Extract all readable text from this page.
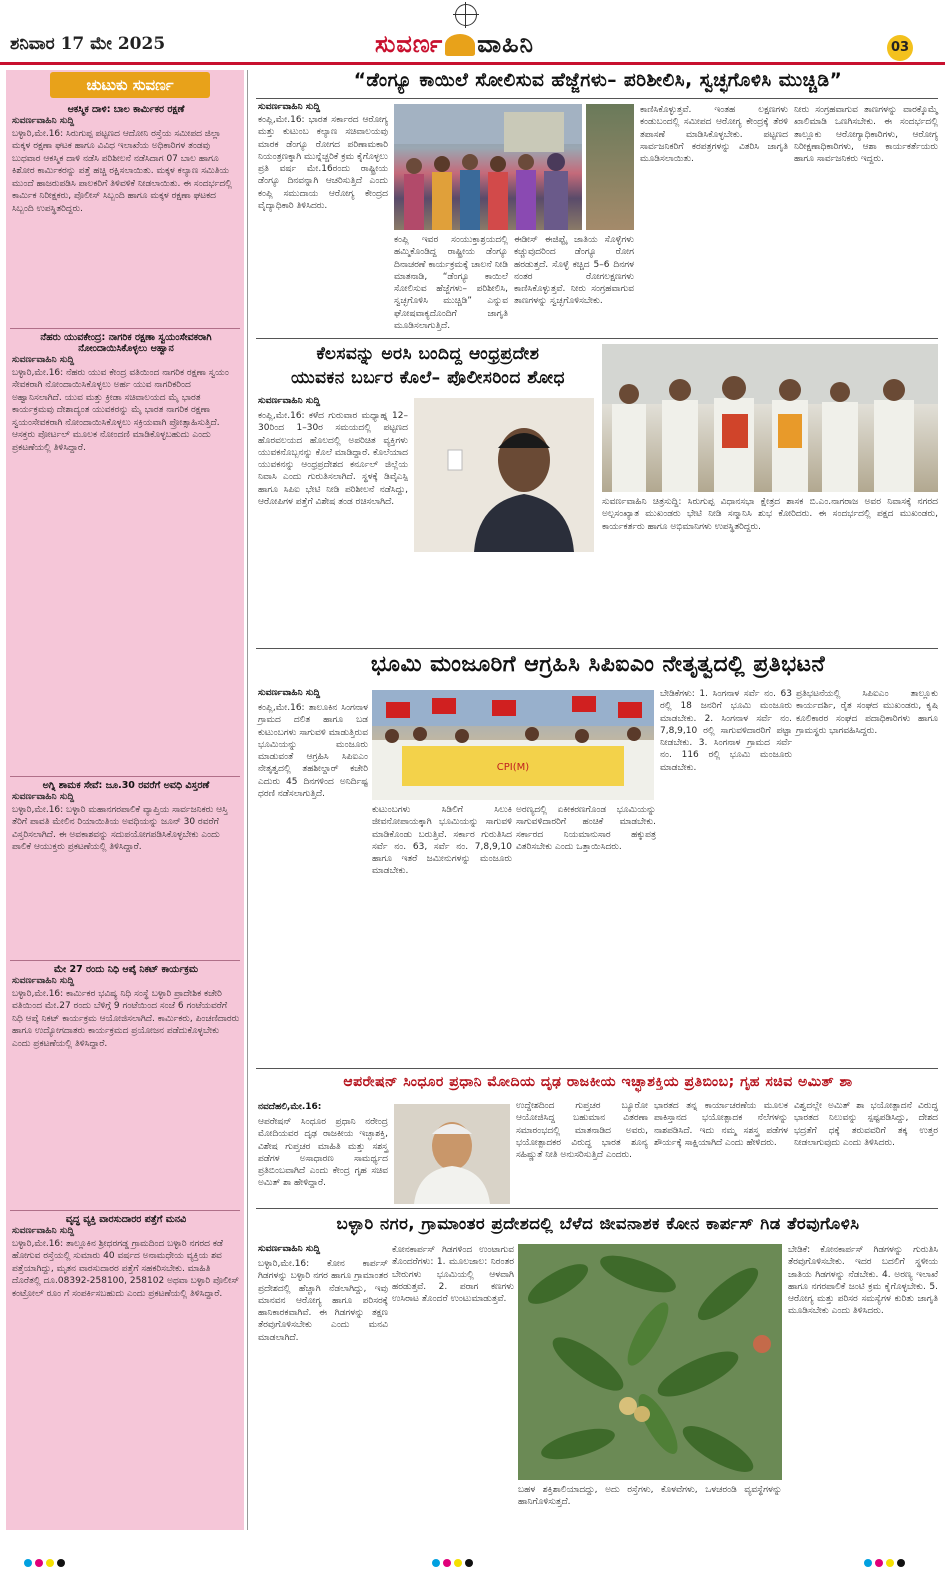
ಶನಿವಾರ 17 ಮೇ 2025	ಸುವರ್ಣ ವಾಹಿನಿ	03
ಚುಟುಕು ಸುವರ್ಣ
ಆಕಸ್ಮಿಕ ದಾಳಿ: ಬಾಲ ಕಾರ್ಮಿಕರ ರಕ್ಷಣೆ
ಸುವರ್ಣವಾಹಿನಿ ಸುದ್ದಿ
ಬಳ್ಳಾರಿ,ಮೇ.16: ಸಿರುಗುಪ್ಪ ಪಟ್ಟಣದ ಆದೋನಿ ರಸ್ತೆಯ ಸಮೀಪದ ಜಿಲ್ಲಾ ಮಕ್ಕಳ ರಕ್ಷಣಾ ಘಟಕ ಹಾಗೂ ವಿವಿಧ ಇಲಾಖೆಯ ಅಧಿಕಾರಿಗಳ ತಂಡವು ಬುಧವಾರ ಆಕಸ್ಮಿಕ ದಾಳಿ ನಡೆಸಿ ಪರಿಶೀಲನೆ ನಡೆಸಿದಾಗ 07 ಬಾಲ ಹಾಗೂ ಕಿಶೋರ ಕಾರ್ಮಿಕರನ್ನು ಪತ್ತೆ ಹಚ್ಚಿ ರಕ್ಷಿಸಲಾಯಿತು. ಮಕ್ಕಳ ಕಲ್ಯಾಣ ಸಮಿತಿಯ ಮುಂದೆ ಹಾಜರುಪಡಿಸಿ ಪಾಲಕರಿಗೆ ತಿಳಿವಳಿಕೆ ನೀಡಲಾಯಿತು. ಈ ಸಂದರ್ಭದಲ್ಲಿ ಕಾರ್ಮಿಕ ನಿರೀಕ್ಷಕರು, ಪೊಲೀಸ್ ಸಿಬ್ಬಂದಿ ಹಾಗೂ ಮಕ್ಕಳ ರಕ್ಷಣಾ ಘಟಕದ ಸಿಬ್ಬಂದಿ ಉಪಸ್ಥಿತರಿದ್ದರು.
ನೆಹರು ಯುವಕೇಂದ್ರ: ನಾಗರಿಕ ರಕ್ಷಣಾ ಸ್ವಯಂಸೇವಕರಾಗಿ ನೋಂದಾಯಿಸಿಕೊಳ್ಳಲು ಆಹ್ವಾನ
ಸುವರ್ಣವಾಹಿನಿ ಸುದ್ದಿ
ಬಳ್ಳಾರಿ,ಮೇ.16: ನೆಹರು ಯುವ ಕೇಂದ್ರ ವತಿಯಿಂದ ನಾಗರಿಕ ರಕ್ಷಣಾ ಸ್ವಯಂ ಸೇವಕರಾಗಿ ನೋಂದಾಯಿಸಿಕೊಳ್ಳಲು ಅರ್ಹ ಯುವ ನಾಗರಿಕರಿಂದ ಅಹ್ವಾನಿಸಲಾಗಿದೆ. ಯುವ ಮತ್ತು ಕ್ರೀಡಾ ಸಚಿವಾಲಯದ ಮೈ ಭಾರತ ಕಾರ್ಯಕ್ರಮವು ದೇಶಾದ್ಯಂತ ಯುವಕರನ್ನು ಮೈ ಭಾರತ ನಾಗರಿಕ ರಕ್ಷಣಾ ಸ್ವಯಂಸೇವಕರಾಗಿ ನೋಂದಾಯಿಸಿಕೊಳ್ಳಲು ಸಕ್ರಿಯವಾಗಿ ಪ್ರೋತ್ಸಾಹಿಸುತ್ತಿದೆ. ಆಸಕ್ತರು ಪೋರ್ಟಲ್ ಮೂಲಕ ನೋಂದಣಿ ಮಾಡಿಕೊಳ್ಳಬಹುದು ಎಂದು ಪ್ರಕಟಣೆಯಲ್ಲಿ ತಿಳಿಸಿದ್ದಾರೆ.
ಅಗ್ನಿ ಶಾಮಕ ಸೇವೆ: ಜೂ.30 ರವರೆಗೆ ಅವಧಿ ವಿಸ್ತರಣೆ
ಸುವರ್ಣವಾಹಿನಿ ಸುದ್ದಿ
ಬಳ್ಳಾರಿ,ಮೇ.16: ಬಳ್ಳಾರಿ ಮಹಾನಗರಪಾಲಿಕೆ ವ್ಯಾಪ್ತಿಯ ಸಾರ್ವಜನಿಕರು ಆಸ್ತಿ ತೆರಿಗೆ ಪಾವತಿ ಮೇಲಿನ ರಿಯಾಯಿತಿಯ ಅವಧಿಯನ್ನು ಜೂನ್ 30 ರವರೆಗೆ ವಿಸ್ತರಿಸಲಾಗಿದೆ. ಈ ಅವಕಾಶವನ್ನು ಸದುಪಯೋಗಪಡಿಸಿಕೊಳ್ಳಬೇಕು ಎಂದು ಪಾಲಿಕೆ ಆಯುಕ್ತರು ಪ್ರಕಟಣೆಯಲ್ಲಿ ತಿಳಿಸಿದ್ದಾರೆ.
ಮೇ 27 ರಂದು ನಿಧಿ ಆಪ್ಕೆ ನಿಕಟ್ ಕಾರ್ಯಕ್ರಮ
ಸುವರ್ಣವಾಹಿನಿ ಸುದ್ದಿ
ಬಳ್ಳಾರಿ,ಮೇ.16: ಕಾರ್ಮಿಕರ ಭವಿಷ್ಯ ನಿಧಿ ಸಂಸ್ಥೆ ಬಳ್ಳಾರಿ ಪ್ರಾದೇಶಿಕ ಕಚೇರಿ ವತಿಯಿಂದ ಮೇ.27 ರಂದು ಬೆಳಿಗ್ಗೆ 9 ಗಂಟೆಯಿಂದ ಸಂಜೆ 6 ಗಂಟೆಯವರೆಗೆ ನಿಧಿ ಆಪ್ಕೆ ನಿಕಟ್ ಕಾರ್ಯಕ್ರಮ ಆಯೋಜಿಸಲಾಗಿದೆ. ಕಾರ್ಮಿಕರು, ಪಿಂಚಣಿದಾರರು ಹಾಗೂ ಉದ್ಯೋಗದಾತರು ಕಾರ್ಯಕ್ರಮದ ಪ್ರಯೋಜನ ಪಡೆದುಕೊಳ್ಳಬೇಕು ಎಂದು ಪ್ರಕಟಣೆಯಲ್ಲಿ ತಿಳಿಸಿದ್ದಾರೆ.
ವೃದ್ಧ ವ್ಯಕ್ತಿ ವಾರಸುದಾರರ ಪತ್ತೆಗೆ ಮನವಿ
ಸುವರ್ಣವಾಹಿನಿ ಸುದ್ದಿ
ಬಳ್ಳಾರಿ,ಮೇ.16: ತಾಲ್ಲೂಕಿನ ಶ್ರೀಧರಗಡ್ಡ ಗ್ರಾಮದಿಂದ ಬಳ್ಳಾರಿ ನಗರದ ಕಡೆ ಹೋಗುವ ರಸ್ತೆಯಲ್ಲಿ ಸುಮಾರು 40 ವರ್ಷದ ಅನಾಮಧೇಯ ವ್ಯಕ್ತಿಯ ಶವ ಪತ್ತೆಯಾಗಿದ್ದು, ಮೃತನ ವಾರಸುದಾರರ ಪತ್ತೆಗೆ ಸಹಕರಿಸಬೇಕು. ಮಾಹಿತಿ ದೊರೆತಲ್ಲಿ ದೂ.08392-258100, 258102 ಅಥವಾ ಬಳ್ಳಾರಿ ಪೊಲೀಸ್ ಕಂಟ್ರೋಲ್ ರೂಂ ಗೆ ಸಂಪರ್ಕಿಸಬಹುದು ಎಂದು ಪ್ರಕಟಣೆಯಲ್ಲಿ ತಿಳಿಸಿದ್ದಾರೆ.
“ಡೆಂಗ್ಯೂ ಕಾಯಿಲೆ ಸೋಲಿಸುವ ಹೆಜ್ಜೆಗಳು– ಪರಿಶೀಲಿಸಿ, ಸ್ವಚ್ಛಗೊಳಿಸಿ ಮುಚ್ಚಿಡಿ”
ಸುವರ್ಣವಾಹಿನಿ ಸುದ್ದಿ
ಕಂಪ್ಲಿ,ಮೇ.16: ಭಾರತ ಸರ್ಕಾರದ ಆರೋಗ್ಯ ಮತ್ತು ಕುಟುಂಬ ಕಲ್ಯಾಣ ಸಚಿವಾಲಯವು ಮಾರಕ ಡೆಂಗ್ಯೂ ರೋಗದ ಪರಿಣಾಮಕಾರಿ ನಿಯಂತ್ರಣಕ್ಕಾಗಿ ಮುನ್ನೆಚ್ಚರಿಕೆ ಕ್ರಮ ಕೈಗೊಳ್ಳಲು ಪ್ರತಿ ವರ್ಷ ಮೇ.16ರಂದು ರಾಷ್ಟ್ರೀಯ ಡೆಂಗ್ಯೂ ದಿನವನ್ನಾಗಿ ಆಚರಿಸುತ್ತಿದೆ ಎಂದು ಕಂಪ್ಲಿ ಸಮುದಾಯ ಆರೋಗ್ಯ ಕೇಂದ್ರದ ವೈದ್ಯಾಧಿಕಾರಿ ತಿಳಿಸಿದರು.
ಕಂಪ್ಲಿ ಇವರ ಸಂಯುಕ್ತಾಶ್ರಯದಲ್ಲಿ ಹಮ್ಮಿಕೊಂಡಿದ್ದ ರಾಷ್ಟ್ರೀಯ ಡೆಂಗ್ಯೂ ದಿನಾಚರಣೆ ಕಾರ್ಯಕ್ರಮಕ್ಕೆ ಚಾಲನೆ ನೀಡಿ ಮಾತನಾಡಿ, “ಡೆಂಗ್ಯೂ ಕಾಯಿಲೆ ಸೋಲಿಸುವ ಹೆಜ್ಜೆಗಳು– ಪರಿಶೀಲಿಸಿ, ಸ್ವಚ್ಛಗೊಳಿಸಿ ಮುಚ್ಚಿಡಿ” ಎನ್ನುವ ಘೋಷವಾಕ್ಯದೊಂದಿಗೆ ಜಾಗೃತಿ ಮೂಡಿಸಲಾಗುತ್ತಿದೆ.
ಈಡೀಸ್ ಈಜಿಪ್ಟೈ ಜಾತಿಯ ಸೊಳ್ಳೆಗಳು ಕಚ್ಚುವುದರಿಂದ ಡೆಂಗ್ಯೂ ರೋಗ ಹರಡುತ್ತದೆ. ಸೊಳ್ಳೆ ಕಚ್ಚಿದ 5–6 ದಿನಗಳ ನಂತರ ರೋಗಲಕ್ಷಣಗಳು ಕಾಣಿಸಿಕೊಳ್ಳುತ್ತವೆ. ನೀರು ಸಂಗ್ರಹವಾಗುವ ತಾಣಗಳನ್ನು ಸ್ವಚ್ಛಗೊಳಿಸಬೇಕು.
ಕಾಣಿಸಿಕೊಳ್ಳುತ್ತವೆ. ಇಂತಹ ಲಕ್ಷಣಗಳು ಕಂಡುಬಂದಲ್ಲಿ ಸಮೀಪದ ಆರೋಗ್ಯ ಕೇಂದ್ರಕ್ಕೆ ತೆರಳಿ ತಪಾಸಣೆ ಮಾಡಿಸಿಕೊಳ್ಳಬೇಕು. ಪಟ್ಟಣದ ಸಾರ್ವಜನಿಕರಿಗೆ ಕರಪತ್ರಗಳನ್ನು ವಿತರಿಸಿ ಜಾಗೃತಿ ಮೂಡಿಸಲಾಯಿತು.
ನೀರು ಸಂಗ್ರಹವಾಗುವ ತಾಣಗಳನ್ನು ವಾರಕ್ಕೊಮ್ಮೆ ಖಾಲಿಮಾಡಿ ಒಣಗಿಸಬೇಕು. ಈ ಸಂದರ್ಭದಲ್ಲಿ ತಾಲ್ಲೂಕು ಆರೋಗ್ಯಾಧಿಕಾರಿಗಳು, ಆರೋಗ್ಯ ನಿರೀಕ್ಷಣಾಧಿಕಾರಿಗಳು, ಆಶಾ ಕಾರ್ಯಕರ್ತೆಯರು ಹಾಗೂ ಸಾರ್ವಜನಿಕರು ಇದ್ದರು.
ಕೆಲಸವನ್ನು ಅರಸಿ ಬಂದಿದ್ದ ಆಂಧ್ರಪ್ರದೇಶ
ಯುವಕನ ಬರ್ಬರ ಕೊಲೆ– ಪೊಲೀಸರಿಂದ ಶೋಧ
ಸುವರ್ಣವಾಹಿನಿ ಸುದ್ದಿ
ಕಂಪ್ಲಿ,ಮೇ.16: ಕಳೆದ ಗುರುವಾರ ಮಧ್ಯಾಹ್ನ 12–30ರಿಂದ 1–30ರ ಸಮಯದಲ್ಲಿ ಪಟ್ಟಣದ ಹೊರವಲಯದ ಹೊಲದಲ್ಲಿ ಅಪರಿಚಿತ ವ್ಯಕ್ತಿಗಳು ಯುವಕನೊಬ್ಬನನ್ನು ಕೊಲೆ ಮಾಡಿದ್ದಾರೆ. ಕೊಲೆಯಾದ ಯುವಕನನ್ನು ಆಂಧ್ರಪ್ರದೇಶದ ಕರ್ನೂಲ್ ಜಿಲ್ಲೆಯ ನಿವಾಸಿ ಎಂದು ಗುರುತಿಸಲಾಗಿದೆ. ಸ್ಥಳಕ್ಕೆ ಡಿವೈಎಸ್ಪಿ ಹಾಗೂ ಸಿಪಿಐ ಭೇಟಿ ನೀಡಿ ಪರಿಶೀಲನೆ ನಡೆಸಿದ್ದು, ಆರೋಪಿಗಳ ಪತ್ತೆಗೆ ವಿಶೇಷ ತಂಡ ರಚಿಸಲಾಗಿದೆ.	ಸುವರ್ಣವಾಹಿನಿ ಚಿತ್ರಸುದ್ದಿ: ಸಿರುಗುಪ್ಪ ವಿಧಾನಸಭಾ ಕ್ಷೇತ್ರದ ಶಾಸಕ ಬಿ.ಎಂ.ನಾಗರಾಜ ಅವರ ನಿವಾಸಕ್ಕೆ ನಗರದ ಅಲ್ಪಸಂಖ್ಯಾತ ಮುಖಂಡರು ಭೇಟಿ ನೀಡಿ ಸನ್ಮಾನಿಸಿ ಶುಭ ಕೋರಿದರು. ಈ ಸಂದರ್ಭದಲ್ಲಿ ಪಕ್ಷದ ಮುಖಂಡರು, ಕಾರ್ಯಕರ್ತರು ಹಾಗೂ ಅಭಿಮಾನಿಗಳು ಉಪಸ್ಥಿತರಿದ್ದರು.
ಭೂಮಿ ಮಂಜೂರಿಗೆ ಆಗ್ರಹಿಸಿ ಸಿಪಿಐಎಂ ನೇತೃತ್ವದಲ್ಲಿ ಪ್ರತಿಭಟನೆ
ಸುವರ್ಣವಾಹಿನಿ ಸುದ್ದಿ
ಕಂಪ್ಲಿ,ಮೇ.16: ತಾಲೂಕಿನ ಸಿಂಗನಾಳ ಗ್ರಾಮದ ದಲಿತ ಹಾಗೂ ಬಡ ಕುಟುಂಬಗಳು ಸಾಗುವಳಿ ಮಾಡುತ್ತಿರುವ ಭೂಮಿಯನ್ನು ಮಂಜೂರು ಮಾಡುವಂತೆ ಆಗ್ರಹಿಸಿ ಸಿಪಿಐಎಂ ನೇತೃತ್ವದಲ್ಲಿ ತಹಶೀಲ್ದಾರ್ ಕಚೇರಿ ಎದುರು 45 ದಿನಗಳಿಂದ ಅನಿರ್ದಿಷ್ಟ ಧರಣಿ ನಡೆಸಲಾಗುತ್ತಿದೆ.
CPI(M)
ಕುಟುಂಬಗಳು ಸಿಡಿಲಿಗೆ ಸಿಲುಕಿ ಜೀವನೋಪಾಯಕ್ಕಾಗಿ ಭೂಮಿಯನ್ನು ಸಾಗುವಳಿ ಮಾಡಿಕೊಂಡು ಬರುತ್ತಿವೆ. ಸರ್ಕಾರ ಗುರುತಿಸಿದ ಸರ್ವೆ ನಂ. 63, ಸರ್ವೆ ನಂ. 7,8,9,10 ಹಾಗೂ ಇತರೆ ಜಮೀನುಗಳನ್ನು ಮಂಜೂರು ಮಾಡಬೇಕು.
ಅರಣ್ಯದಲ್ಲಿ ಏಕೀಕರಣಗೊಂಡ ಭೂಮಿಯನ್ನು ಸಾಗುವಳಿದಾರರಿಗೆ ಹಂಚಿಕೆ ಮಾಡಬೇಕು. ಸರ್ಕಾರದ ನಿಯಮಾನುಸಾರ ಹಕ್ಕುಪತ್ರ ವಿತರಿಸಬೇಕು ಎಂದು ಒತ್ತಾಯಿಸಿದರು.
ಬೇಡಿಕೆಗಳು: 1. ಸಿಂಗನಾಳ ಸರ್ವೆ ನಂ. 63 ರಲ್ಲಿ 18 ಜನರಿಗೆ ಭೂಮಿ ಮಂಜೂರು ಮಾಡಬೇಕು. 2. ಸಿಂಗನಾಳ ಸರ್ವೆ ನಂ. 7,8,9,10 ರಲ್ಲಿ ಸಾಗುವಳಿದಾರರಿಗೆ ಪಟ್ಟಾ ನೀಡಬೇಕು. 3. ಸಿಂಗನಾಳ ಗ್ರಾಮದ ಸರ್ವೆ ನಂ. 116 ರಲ್ಲಿ ಭೂಮಿ ಮಂಜೂರು ಮಾಡಬೇಕು.
ಪ್ರತಿಭಟನೆಯಲ್ಲಿ ಸಿಪಿಐಎಂ ತಾಲ್ಲೂಕು ಕಾರ್ಯದರ್ಶಿ, ರೈತ ಸಂಘದ ಮುಖಂಡರು, ಕೃಷಿ ಕೂಲಿಕಾರರ ಸಂಘದ ಪದಾಧಿಕಾರಿಗಳು ಹಾಗೂ ಗ್ರಾಮಸ್ಥರು ಭಾಗವಹಿಸಿದ್ದರು.
ಆಪರೇಷನ್ ಸಿಂಧೂರ ಪ್ರಧಾನಿ ಮೋದಿಯ ದೃಢ ರಾಜಕೀಯ ಇಚ್ಛಾಶಕ್ತಿಯ ಪ್ರತಿಬಿಂಬ; ಗೃಹ ಸಚಿವ ಅಮಿತ್ ಶಾ
ನವದೆಹಲಿ,ಮೇ.16:
ಆಪರೇಷನ್ ಸಿಂಧೂರ ಪ್ರಧಾನಿ ನರೇಂದ್ರ ಮೋದಿಯವರ ದೃಢ ರಾಜಕೀಯ ಇಚ್ಛಾಶಕ್ತಿ, ವಿಶೇಷ ಗುಪ್ತಚರ ಮಾಹಿತಿ ಮತ್ತು ಸಶಸ್ತ್ರ ಪಡೆಗಳ ಅಸಾಧಾರಣ ಸಾಮರ್ಥ್ಯದ ಪ್ರತಿಬಿಂಬವಾಗಿದೆ ಎಂದು ಕೇಂದ್ರ ಗೃಹ ಸಚಿವ ಅಮಿತ್ ಶಾ ಹೇಳಿದ್ದಾರೆ.
ಉದ್ದೇಶದಿಂದ ಗುಪ್ತಚರ ಬ್ಯೂರೋ ಆಯೋಜಿಸಿದ್ದ ಬಹುಮಾನ ವಿತರಣಾ ಸಮಾರಂಭದಲ್ಲಿ ಮಾತನಾಡಿದ ಅವರು, ಭಯೋತ್ಪಾದಕರ ವಿರುದ್ಧ ಭಾರತ ಶೂನ್ಯ ಸಹಿಷ್ಣುತೆ ನೀತಿ ಅನುಸರಿಸುತ್ತಿದೆ ಎಂದರು.
ಭಾರತದ ತನ್ನ ಕಾರ್ಯಾಚರಣೆಯ ಮೂಲಕ ಪಾಕಿಸ್ತಾನದ ಭಯೋತ್ಪಾದಕ ನೆಲೆಗಳನ್ನು ನಾಶಪಡಿಸಿದೆ. ಇದು ನಮ್ಮ ಸಶಸ್ತ್ರ ಪಡೆಗಳ ಶೌರ್ಯಕ್ಕೆ ಸಾಕ್ಷಿಯಾಗಿದೆ ಎಂದು ಹೇಳಿದರು.
ವಿಶ್ವದಲ್ಲೇ ಅಮಿತ್ ಶಾ ಭಯೋತ್ಪಾದನೆ ವಿರುದ್ಧ ಭಾರತದ ನಿಲುವನ್ನು ಸ್ಪಷ್ಟಪಡಿಸಿದ್ದು, ದೇಶದ ಭದ್ರತೆಗೆ ಧಕ್ಕೆ ತರುವವರಿಗೆ ತಕ್ಕ ಉತ್ತರ ನೀಡಲಾಗುವುದು ಎಂದು ತಿಳಿಸಿದರು.
ಬಳ್ಳಾರಿ ನಗರ, ಗ್ರಾಮಾಂತರ ಪ್ರದೇಶದಲ್ಲಿ ಬೆಳೆದ ಜೀವನಾಶಕ ಕೋನ ಕಾರ್ಪಸ್ ಗಿಡ ತೆರವುಗೊಳಿಸಿ
ಸುವರ್ಣವಾಹಿನಿ ಸುದ್ದಿ
ಬಳ್ಳಾರಿ,ಮೇ.16: ಕೋನ ಕಾರ್ಪಸ್ ಗಿಡಗಳನ್ನು ಬಳ್ಳಾರಿ ನಗರ ಹಾಗೂ ಗ್ರಾಮಾಂತರ ಪ್ರದೇಶದಲ್ಲಿ ಹೆಚ್ಚಾಗಿ ನೆಡಲಾಗಿದ್ದು, ಇವು ಮಾನವನ ಆರೋಗ್ಯ ಹಾಗೂ ಪರಿಸರಕ್ಕೆ ಹಾನಿಕಾರಕವಾಗಿವೆ. ಈ ಗಿಡಗಳನ್ನು ತಕ್ಷಣ ತೆರವುಗೊಳಿಸಬೇಕು ಎಂದು ಮನವಿ ಮಾಡಲಾಗಿದೆ.
ಕೋನಕಾರ್ಪಸ್ ಗಿಡಗಳಿಂದ ಉಂಟಾಗುವ ತೊಂದರೆಗಳು: 1. ಮೂಲಜಾಲ: ನಿರಂತರ ಬೇರುಗಳು ಭೂಮಿಯಲ್ಲಿ ಆಳವಾಗಿ ಹರಡುತ್ತವೆ. 2. ಪರಾಗ ಕಣಗಳು ಉಸಿರಾಟ ತೊಂದರೆ ಉಂಟುಮಾಡುತ್ತವೆ.
ಬಹಳ ಶಕ್ತಿಶಾಲಿಯಾದದ್ದು, ಅದು ರಸ್ತೆಗಳು, ಕೊಳವೆಗಳು, ಒಳಚರಂಡಿ ವ್ಯವಸ್ಥೆಗಳನ್ನು ಹಾನಿಗೊಳಿಸುತ್ತದೆ.
ಬೇಡಿಕೆ: ಕೋನಕಾರ್ಪಸ್ ಗಿಡಗಳನ್ನು ಗುರುತಿಸಿ ತೆರವುಗೊಳಿಸಬೇಕು. ಇದರ ಬದಲಿಗೆ ಸ್ಥಳೀಯ ಜಾತಿಯ ಗಿಡಗಳನ್ನು ನೆಡಬೇಕು. 4. ಅರಣ್ಯ ಇಲಾಖೆ ಹಾಗೂ ನಗರಪಾಲಿಕೆ ಜಂಟಿ ಕ್ರಮ ಕೈಗೊಳ್ಳಬೇಕು. 5. ಆರೋಗ್ಯ ಮತ್ತು ಪರಿಸರ ಸಮಸ್ಯೆಗಳ ಕುರಿತು ಜಾಗೃತಿ ಮೂಡಿಸಬೇಕು ಎಂದು ತಿಳಿಸಿದರು.
